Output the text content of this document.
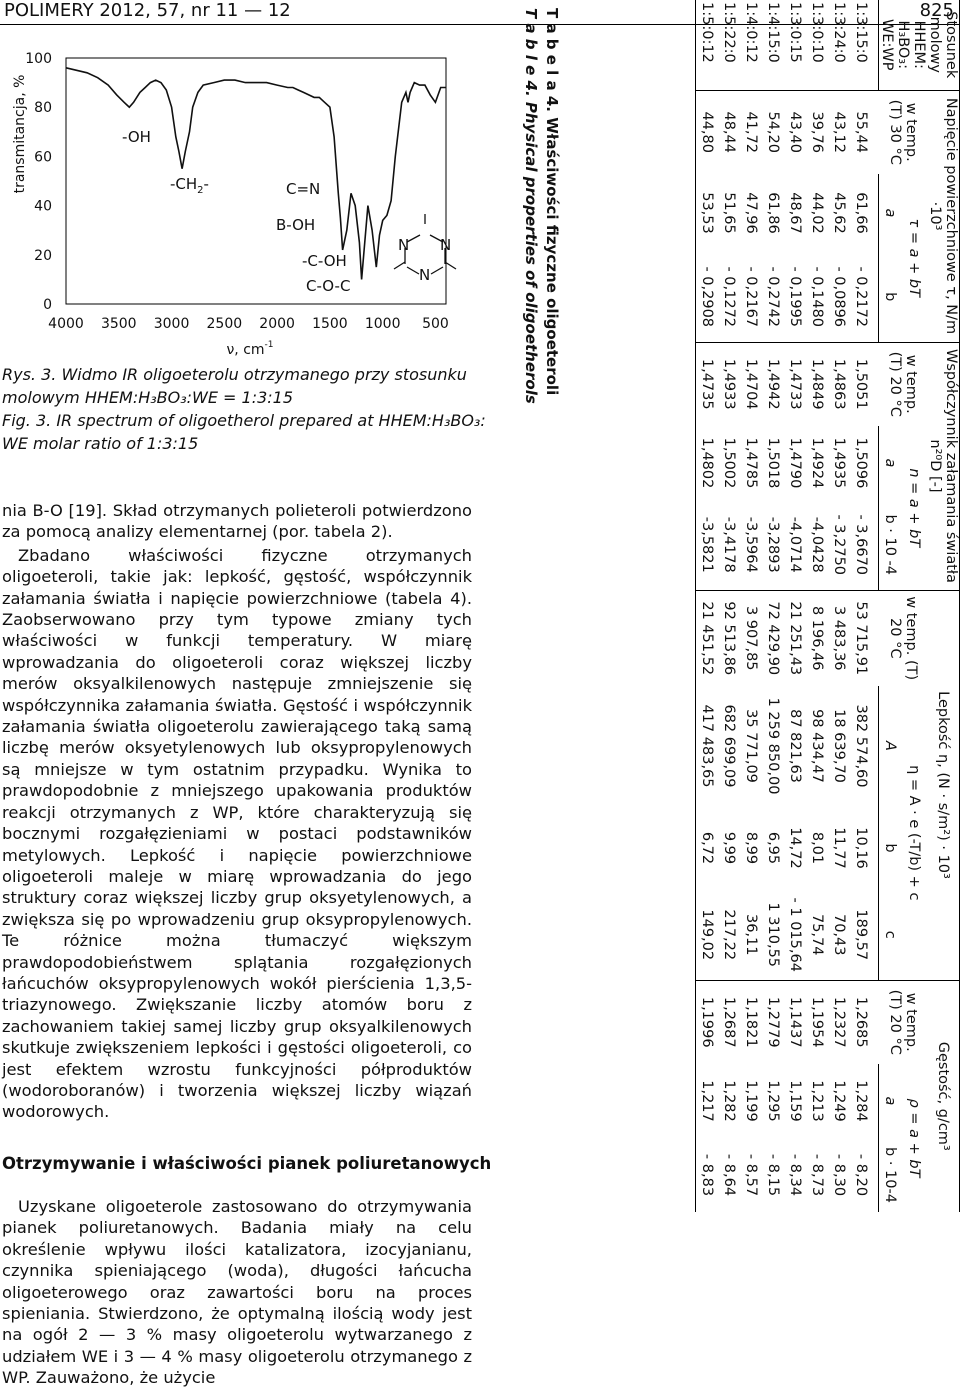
POLIMERY 2012, 57, nr 11 — 12	825
transmitancja, %
0
20
40
60
80
100
4000 3500 3000 2500 2000 1500 1000 500
-OH
$-CH_2-$	C=N
B-OH
-C-OH
C-O-C
N N
N
ν, $cm^{-1}$
Rys. 3. Widmo IR oligoeterolu otrzymanego przy stosunku
molowym HHEM:H₃BO₃:WE = 1:3:15
Fig. 3. IR spectrum of oligoetherol prepared at HHEM:H₃BO₃:
WE molar ratio of 1:3:15

nia B-O [19]. Skład otrzymanych polieteroli potwierdzono za pomocą analizy elementarnej (por. tabela 2).

Zbadano właściwości fizyczne otrzymanych oligoeteroli, takie jak: lepkość, gęstość, współczynnik załamania światła i napięcie powierzchniowe (tabela 4). Zaobserwowano przy tym typowe zmiany tych właściwości w funkcji temperatury. W miarę wprowadzania do oligoeteroli coraz większej liczby merów oksyalkilenowych następuje zmniejszenie się współczynnika załamania światła. Gęstość i współczynnik załamania światła oligoeterolu zawierającego taką samą liczbę merów oksyetylenowych lub oksypropylenowych są mniejsze w tym ostatnim przypadku. Wynika to prawdopodobnie z mniejszego upakowania produktów reakcji otrzymanych z WP, które charakteryzują się bocznymi rozgałęzieniami w postaci podstawników metylowych. Lepkość i napięcie powierzchniowe oligoeteroli maleje w miarę wprowadzania do jego struktury coraz większej liczby grup oksyetylenowych, a zwiększa się po wprowadzeniu grup oksypropylenowych. Te różnice można tłumaczyć większym prawdopodobieństwem splątania rozgałęzionych łańcuchów oksypropylenowych wokół pierścienia 1,3,5-triazynowego. Zwiększanie liczby atomów boru z zachowaniem takiej samej liczby grup oksyalkilenowych skutkuje zwiększeniem lepkości i gęstości oligoeteroli, co jest efektem wzrostu funkcyjności półproduktów (wodoroboranów) i tworzenia większej liczby wiązań wodorowych.

Otrzymywanie i właściwości pianek poliuretanowych

Uzyskane oligoeterole zastosowano do otrzymywania pianek poliuretanowych. Badania miały na celu określenie wpływu ilości katalizatora, izocyjanianu, czynnika spieniającego (woda), długości łańcucha oligoeterowego oraz zawartości boru na proces spieniania. Stwierdzono, że optymalną ilością wody jest na ogół 2 — 3 % masy oligoeterolu wytwarzanego z udziałem WE i 3 — 4 % masy oligoeterolu otrzymanego z WP. Zauważono, że użycie

Stosunek
molowy
HHEM:
H₃BO₃:
WE:WP	Napięcie powierzchniowe τ, N/m ·10³			Współczynnik załamania światła n²⁰D [-]			Lepkość η, (N · s/m²) · 10³				Gęstość, g/cm³		
	w temp. (T) 30 °C	τ = a + bT		w temp. (T) 20 °C	n = a + bT		w temp. (T) 20 °C	η = A · e (-T/b) + c			w temp. (T) 20 °C	ρ = a + bT	
		a	b		a	b · 10 -4		A	b	c		a	b · 10-4
1:3:15:0	55,44	61,66	- 0,2172	1,5051	1,5096	- 3,6670	53 715,91	382 574,60	10,16	189,57	1,2685	1,284	- 8,20
1:3:24:0	43,12	45,62	- 0,0896	1,4863	1,4935	- 3,2750	3 483,36	18 639,70	11,77	70,43	1,2327	1,249	- 8,30
1:3:0:10	39,76	44,02	- 0,1480	1,4849	1,4924	-4,0428	8 196,46	98 434,47	8,01	75,74	1,1954	1,213	- 8,73
1:3:0:15	43,40	48,67	- 0,1995	1,4733	1,4790	-4,0714	21 251,43	87 821,63	14,72	- 1 015,64	1,1437	1,159	- 8,34
1:4:15:0	54,20	61,86	- 0,2742	1,4942	1,5018	-3,2893	72 429,90	1 259 850,00	6,95	1 310,55	1,2779	1,295	- 8,15
1:4:0:12	41,72	47,96	- 0,2167	1,4704	1,4785	-3,5964	3 907,85	35 771,09	8,99	36,11	1,1821	1,199	- 8,57
1:5:22:0	48,44	51,65	- 0,1272	1,4933	1,5002	-3,4178	92 513,86	682 699,09	9,99	217,22	1,2687	1,282	- 8,64
1:5:0:12	44,80	53,53	- 0,2908	1,4735	1,4802	-3,5821	21 451,52	417 483,65	6,72	149,02	1,1996	1,217	- 8,83
T a b e l a 4. Właściwości fizyczne oligoeteroli
T a b l e 4. Physical properties of oligoetherols
